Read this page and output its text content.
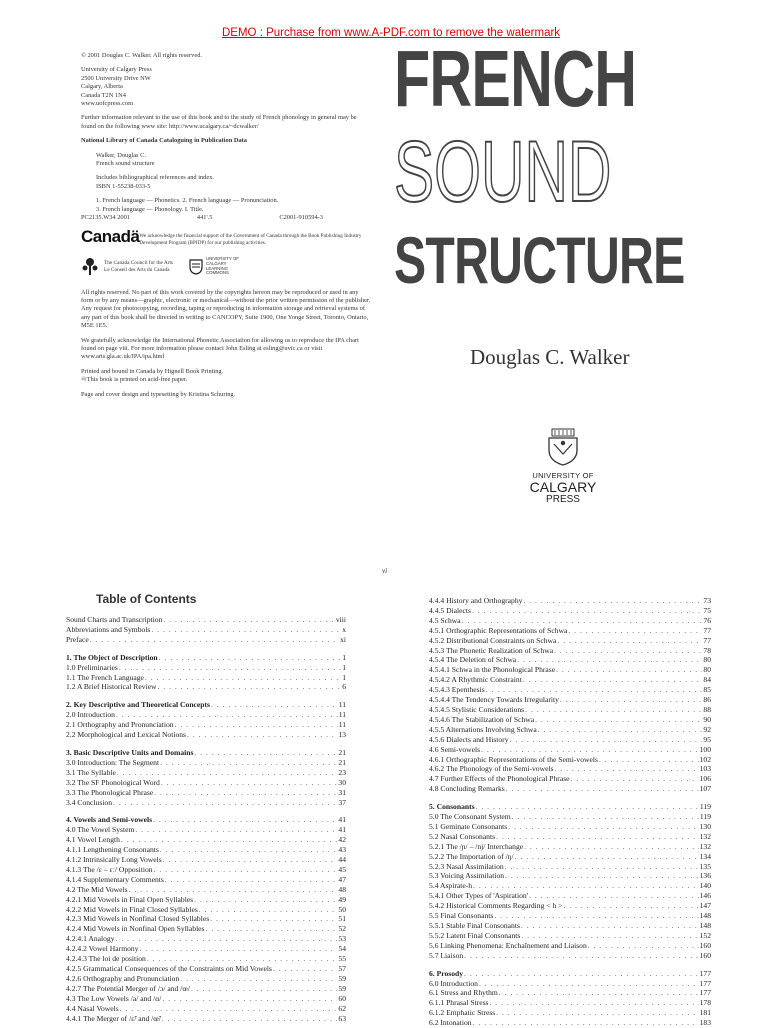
DEMO : Purchase from www.A-PDF.com to remove the watermark

© 2001 Douglas C. Walker. All rights reserved.

University of Calgary Press
2500 University Drive NW
Calgary, Alberta
Canada T2N 1N4
www.uofcpress.com

Further information relevant to the use of this book and to the study of French phonology in general may be found on the following www site: http://www.ucalgary.ca/~dcwalker/

National Library of Canada Cataloguing in Publication Data

Walker, Douglas C.
French sound structure
Includes bibliographical references and index.
ISBN 1-55238-033-5
1. French language — Phonetics. 2. French language — Pronunciation.
3. French language — Phonology. I. Title.
PC2135.W34 2001	441'.5	C2001-910594-3
Canadä We acknowledge the financial support of the Government of Canada through the Book Publishing Industry Development Program (BPIDP) for our publishing activities.
The Canada Council for the Arts
Le Conseil des Arts du Canada
UNIVERSITY OF
CALGARY
LEARNING
COMMONS

All rights reserved. No part of this work covered by the copyrights hereon may be reproduced or used in any form or by any means—graphic, electronic or mechanical—without the prior written permission of the publisher. Any request for photocopying, recording, taping or reproducing in information storage and retrieval systems of any part of this book shall be directed in writing to CANCOPY, Suite 1900, One Yonge Street, Toronto, Ontario, M5E 1E5.

We gratefully acknowledge the International Phonetic Association for allowing us to reproduce the IPA chart found on page viii. For more information please contact John Esling at esling@uvic.ca or visit www.arts.gla.ac.uk/IPA/ipa.html

Printed and bound in Canada by Hignell Book Printing.
♾This book is printed on acid-free paper.

Page and cover design and typesetting by Kristina Schuring.

FRENCH
SOUND
STRUCTURE
Douglas C. Walker
UNIVERSITY OF
CALGARY
PRESS
vi
Table of Contents
Sound Charts and Transcription . . .	viii
Abbreviations and Symbols . . .	x
Preface . . .	xi
1. The Object of Description . . .	1
1.0 Preliminaries . . .	1
1.1 The French Language . . .	1
1.2 A Brief Historical Review . . .	6
2. Key Descriptive and Theoretical Concepts . . .	11
2.0 Introduction . . .	11
2.1 Orthography and Pronunciation . . .	11
2.2 Morphological and Lexical Notions . . .	13
3. Basic Descriptive Units and Domains . . .	21
3.0 Introduction: The Segment . . .	21
3.1 The Syllable . . .	23
3.2 The SF Phonological Word . . .	30
3.3 The Phonological Phrase . . .	31
3.4 Conclusion . . .	37
4. Vowels and Semi-vowels . . .	41
4.0 The Vowel System . . .	41
4.1 Vowel Length . . .	42
4.1.1 Lengthening Consonants . . .	43
4.1.2 Intrinsically Long Vowels . . .	44
4.1.3 The /ɛ – ɛː/ Opposition . . .	45
4.1.4 Supplementary Comments . . .	47
4.2 The Mid Vowels . . .	48
4.2.1 Mid Vowels in Final Open Syllables . . .	49
4.2.2 Mid Vowels in Final Closed Syllables . . .	50
4.2.3 Mid Vowels in Nonfinal Closed Syllables . . .	51
4.2.4 Mid Vowels in Nonfinal Open Syllables . . .	52
4.2.4.1 Analogy . . .	53
4.2.4.2 Vowel Harmony . . .	54
4.2.4.3 The loi de position . . .	55
4.2.5 Grammatical Consequences of the Constraints on Mid Vowels . . .	57
4.2.6 Orthography and Pronunciation . . .	59
4.2.7 The Potential Merger of /ɔ/ and /œ/ . . .	59
4.3 The Low Vowels /a/ and /ɑ/ . . .	60
4.4 Nasal Vowels . . .	62
4.4.1 The Merger of /ɛ̃/ and /œ̃/ . . .	63
4.4.4 History and Orthography . . .	73
4.4.5 Dialects . . .	75
4.5 Schwa . . .	76
4.5.1 Orthographic Representations of Schwa . . .	77
4.5.2 Distributional Constraints on Schwa . . .	77
4.5.3 The Phonetic Realization of Schwa . . .	78
4.5.4 The Deletion of Schwa . . .	80
4.5.4.1 Schwa in the Phonological Phrase . . .	80
4.5.4.2 A Rhythmic Constraint . . .	84
4.5.4.3 Epenthesis . . .	85
4.5.4.4 The Tendency Towards Irregularity . . .	86
4.5.4.5 Stylistic Considerations . . .	88
4.5.4.6 The Stabilization of Schwa . . .	90
4.5.5 Alternations Involving Schwa . . .	92
4.5.6 Dialects and History . . .	95
4.6 Semi-vowels . . .	100
4.6.1 Orthographic Representations of the Semi-vowels . . .	102
4.6.2 The Phonology of the Semi-vowels . . .	103
4.7 Further Effects of the Phonological Phrase . . .	106
4.8 Concluding Remarks . . .	107
5. Consonants . . .	119
5.0 The Consonant System . . .	119
5.1 Geminate Consonants . . .	130
5.2 Nasal Consonants . . .	132
5.2.1 The /ɲ/ – /nj/ Interchange . . .	132
5.2.2 The Importation of /ŋ/ . . .	134
5.2.3 Nasal Assimilation . . .	135
5.3 Voicing Assimilation . . .	136
5.4 Aspirate-h . . .	140
5.4.1 Other Types of 'Aspiration' . . .	146
5.4.2 Historical Comments Regarding < h > . . .	147
5.5 Final Consonants . . .	148
5.5.1 Stable Final Consonants . . .	148
5.5.2 Latent Final Consonants . . .	152
5.6 Linking Phenomena: Enchaînement and Liaison . . .	160
5.7 Liaison . . .	160
6. Prosody . . .	177
6.0 Introduction . . .	177
6.1 Stress and Rhythm . . .	177
6.1.1 Phrasal Stress . . .	178
6.1.2 Emphatic Stress . . .	181
6.2 Intonation . . .	183
